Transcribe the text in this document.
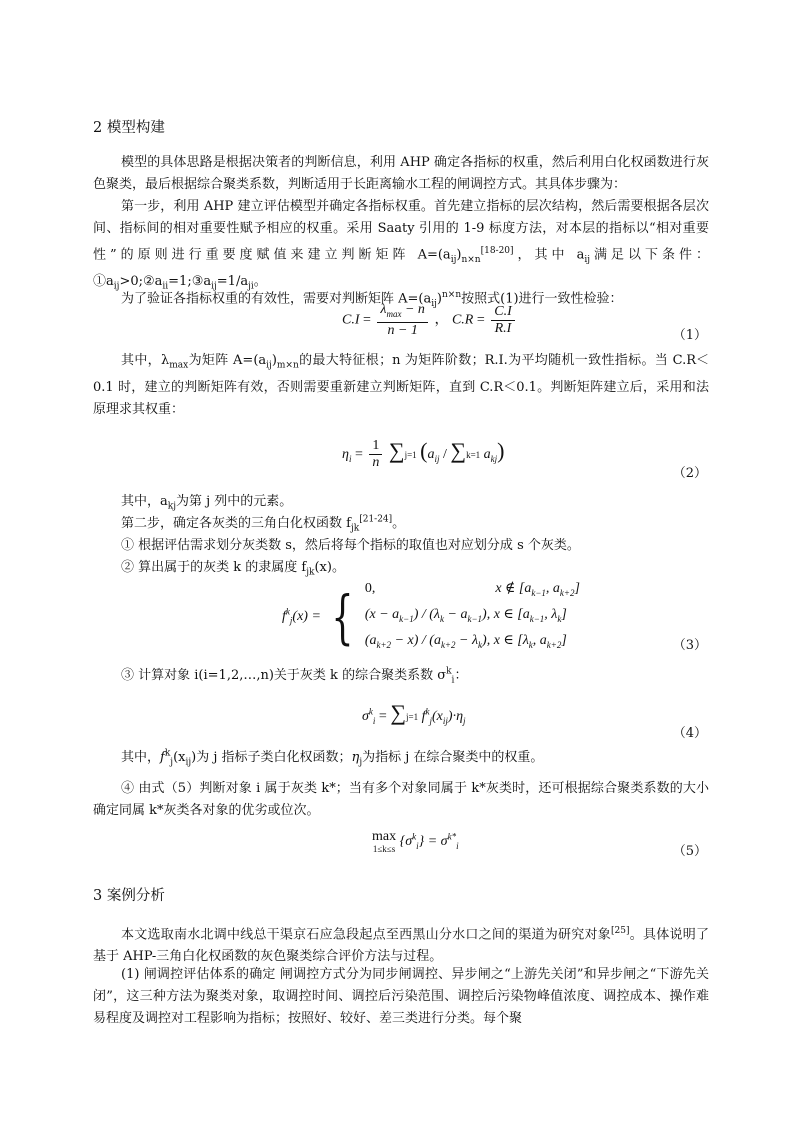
2 模型构建

模型的具体思路是根据决策者的判断信息，利用 AHP 确定各指标的权重，然后利用白化权函数进行灰色聚类，最后根据综合聚类系数，判断适用于长距离输水工程的闸调控方式。其具体步骤为：

第一步，利用 AHP 建立评估模型并确定各指标权重。首先建立指标的层次结构，然后需要根据各层次间、指标间的相对重要性赋予相应的权重。采用 Saaty 引用的 1-9 标度方法，对本层的指标以“相对重要性”的原则进行重要度赋值来建立判断矩阵 $A=(a_{ij})_{n\times n}[18-20]$，其中 $a_{ij}$满足以下条件：$①a_{ij}>0;②a_{ii}=1;③a_{ij}=1/a_{ji}$。

为了验证各指标权重的有效性，需要对判断矩阵 $A=(a_{ij})^{n\times n}$按照式(1)进行一致性检验：

$C.I = \frac{\lambda_{max} - n}{n - 1}$ ， $C.R = \frac{C.I}{R.I}$	（1）

其中，$\lambda_{max}$为矩阵 $A=(a_{ij})_{m\times n}$的最大特征根；n 为矩阵阶数；R.I.为平均随机一致性指标。当 C.R＜0.1 时，建立的判断矩阵有效，否则需要重新建立判断矩阵，直到 C.R＜0.1。判断矩阵建立后，采用和法原理求其权重：

$\eta_i = \frac{1}{n} \sum j=1$ ($a_{ij} / \sum k=1$ $a_{kj}$)
（2）
其中，$a_{kj}$为第 j 列中的元素。
第二步，确定各灰类的三角白化权函数 $f_{jk}[21-24]$。
① 根据评估需求划分灰类数 s，然后将每个指标的取值也对应划分成 s 个灰类。
② 算出属于的灰类 k 的隶属度 $f_{jk}(x)$。
$f^k_j(x)$ = { 0,	x ∉ [$a_{k-1}$, $a_{k+2}$]
$(x - a_{k-1}) / (\lambda_k - a_{k-1})$, x ∈ [$a_{k-1}$, $\lambda_k$]
$(a_{k+2} - x) / (a_{k+2} - \lambda_k)$, x ∈ [$\lambda_k$, $a_{k+2}$]	（3）
③ 计算对象 i(i=1,2,…,n)关于灰类 k 的综合聚类系数 $\sigma^k_i$：
$\sigma^k_i = \sum j=1$ $f^k_j(x_{ij})\cdot\eta_j$
（4）
其中，$f^k_j(x_{ij})$为 j 指标子类白化权函数；$\eta_j$为指标 j 在综合聚类中的权重。

④ 由式（5）判断对象 i 属于灰类 k*；当有多个对象同属于 k*灰类时，还可根据综合聚类系数的大小确定同属 k*灰类各对象的优劣或位次。

max
1≤k≤s $\{\sigma^k_i\} = \sigma^{k*}_i$	（5）
3 案例分析

本文选取南水北调中线总干渠京石应急段起点至西黑山分水口之间的渠道为研究对象[25]。具体说明了基于 AHP-三角白化权函数的灰色聚类综合评价方法与过程。

(1) 闸调控评估体系的确定 闸调控方式分为同步闸调控、异步闸之“上游先关闭”和异步闸之“下游先关闭”，这三种方法为聚类对象，取调控时间、调控后污染范围、调控后污染物峰值浓度、调控成本、操作难易程度及调控对工程影响为指标；按照好、较好、差三类进行分类。每个聚
